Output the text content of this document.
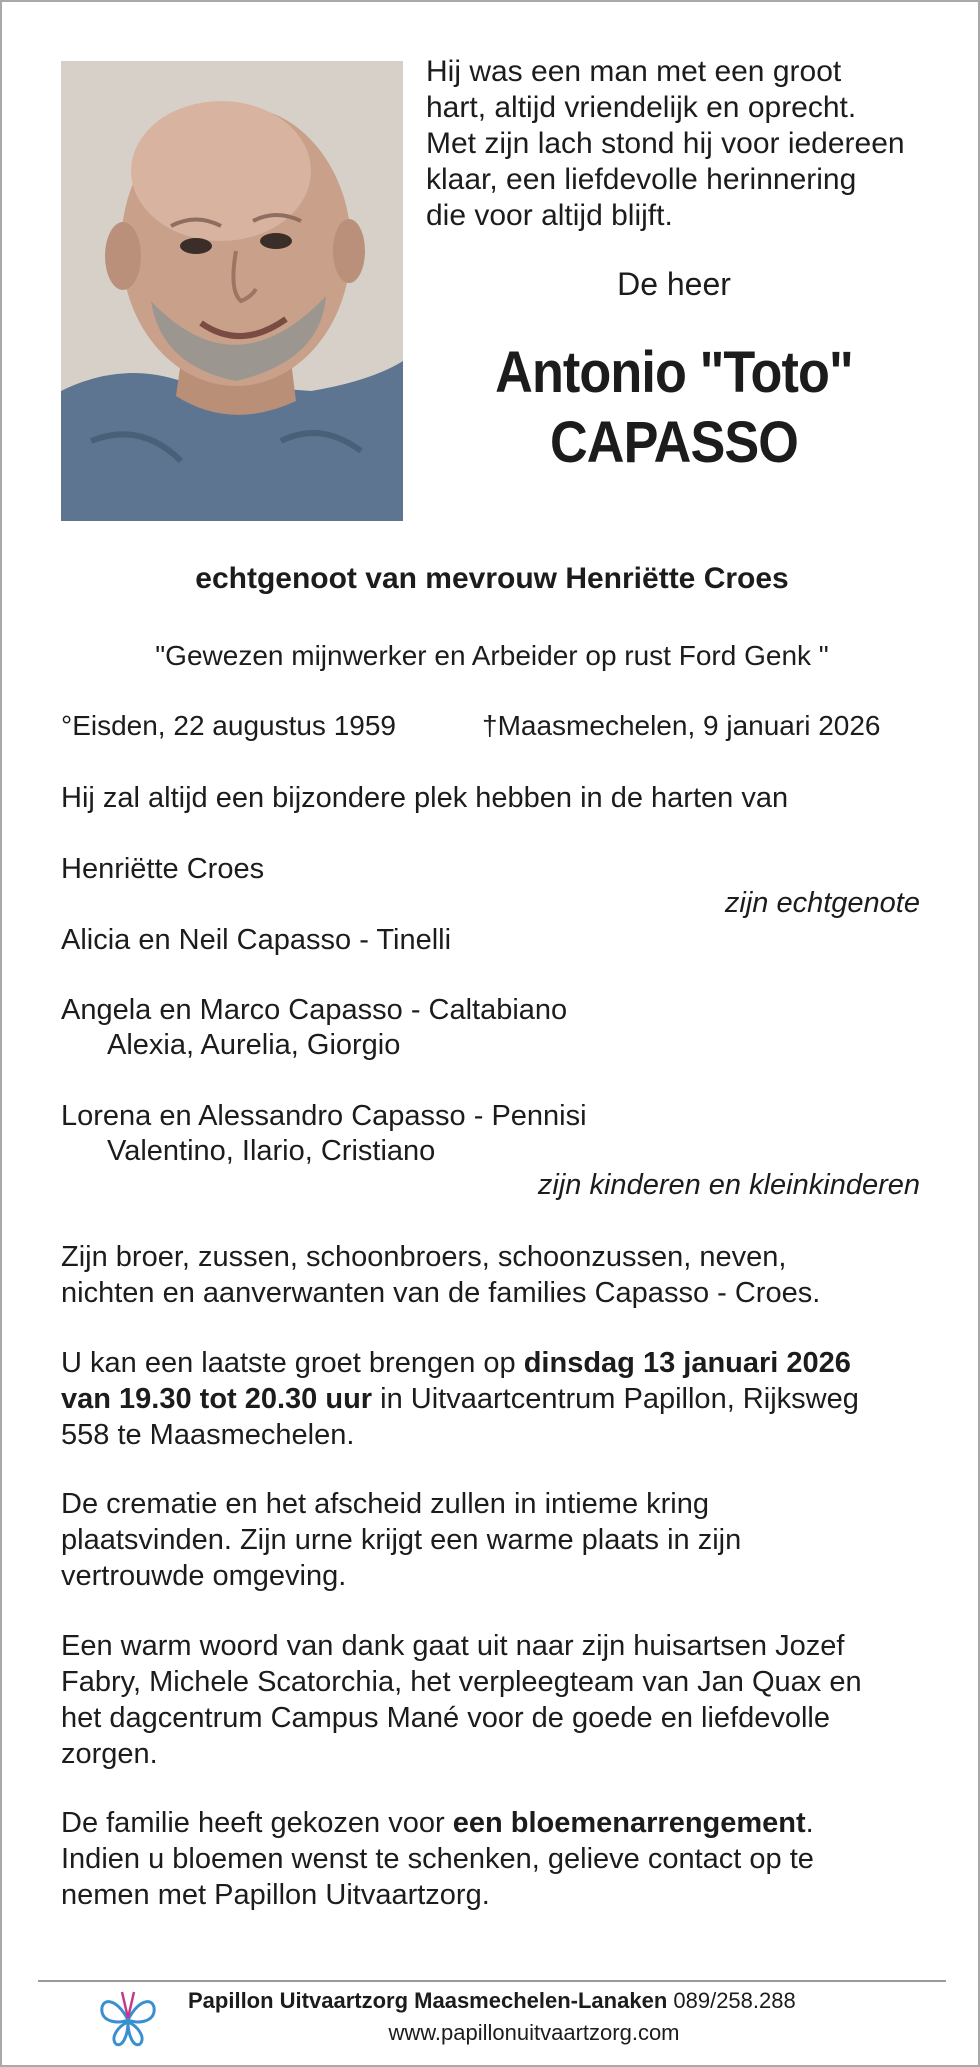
Hij was een man met een groot
hart, altijd vriendelijk en oprecht.
Met zijn lach stond hij voor iedereen
klaar, een liefdevolle herinnering
die voor altijd blijft.
De heer
Antonio "Toto"
CAPASSO
echtgenoot van mevrouw Henriëtte Croes
"Gewezen mijnwerker en Arbeider op rust Ford Genk "
°Eisden, 22 augustus 1959	†Maasmechelen, 9 januari 2026
Hij zal altijd een bijzondere plek hebben in de harten van
Henriëtte Croes
zijn echtgenote
Alicia en Neil Capasso - Tinelli
Angela en Marco Capasso - Caltabiano
Alexia, Aurelia, Giorgio
Lorena en Alessandro Capasso - Pennisi
Valentino, Ilario, Cristiano
zijn kinderen en kleinkinderen
Zijn broer, zussen, schoonbroers, schoonzussen, neven,
nichten en aanverwanten van de families Capasso - Croes.
U kan een laatste groet brengen op dinsdag 13 januari 2026
van 19.30 tot 20.30 uur in Uitvaartcentrum Papillon, Rijksweg
558 te Maasmechelen.
De crematie en het afscheid zullen in intieme kring
plaatsvinden. Zijn urne krijgt een warme plaats in zijn
vertrouwde omgeving.
Een warm woord van dank gaat uit naar zijn huisartsen Jozef
Fabry, Michele Scatorchia, het verpleegteam van Jan Quax en
het dagcentrum Campus Mané voor de goede en liefdevolle
zorgen.
De familie heeft gekozen voor een bloemenarrengement.
Indien u bloemen wenst te schenken, gelieve contact op te
nemen met Papillon Uitvaartzorg.
Papillon Uitvaartzorg Maasmechelen-Lanaken 089/258.288
www.papillonuitvaartzorg.com
